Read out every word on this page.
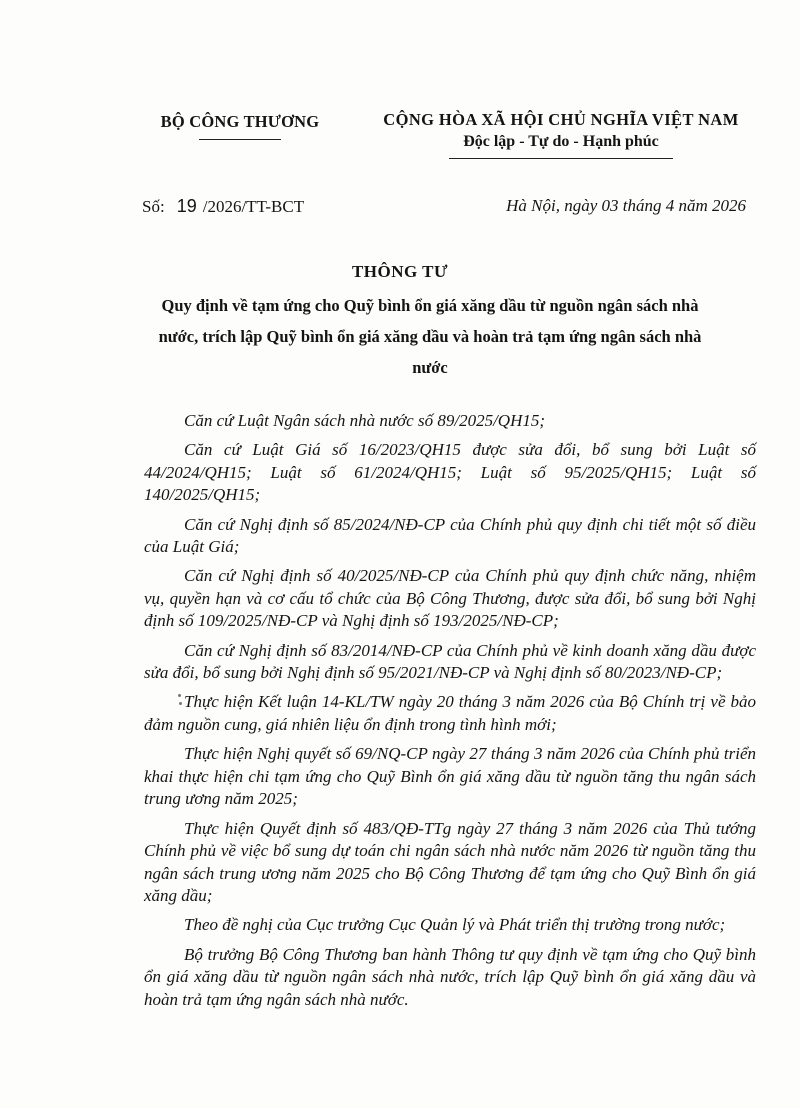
BỘ CÔNG THƯƠNG	CỘNG HÒA XÃ HỘI CHỦ NGHĨA VIỆT NAM
Độc lập - Tự do - Hạnh phúc
Số: 19 /2026/TT-BCT	Hà Nội, ngày 03 tháng 4 năm 2026
THÔNG TƯ
Quy định về tạm ứng cho Quỹ bình ổn giá xăng dầu từ nguồn ngân sách nhà nước, trích lập Quỹ bình ổn giá xăng dầu và hoàn trả tạm ứng ngân sách nhà nước

Căn cứ Luật Ngân sách nhà nước số 89/2025/QH15;

Căn cứ Luật Giá số 16/2023/QH15 được sửa đổi, bổ sung bởi Luật số 44/2024/QH15; Luật số 61/2024/QH15; Luật số 95/2025/QH15; Luật số 140/2025/QH15;

Căn cứ Nghị định số 85/2024/NĐ-CP của Chính phủ quy định chi tiết một số điều của Luật Giá;

Căn cứ Nghị định số 40/2025/NĐ-CP của Chính phủ quy định chức năng, nhiệm vụ, quyền hạn và cơ cấu tổ chức của Bộ Công Thương, được sửa đổi, bổ sung bởi Nghị định số 109/2025/NĐ-CP và Nghị định số 193/2025/NĐ-CP;

Căn cứ Nghị định số 83/2014/NĐ-CP của Chính phủ về kinh doanh xăng dầu được sửa đổi, bổ sung bởi Nghị định số 95/2021/NĐ-CP và Nghị định số 80/2023/NĐ-CP;

Thực hiện Kết luận 14-KL/TW ngày 20 tháng 3 năm 2026 của Bộ Chính trị về bảo đảm nguồn cung, giá nhiên liệu ổn định trong tình hình mới;

Thực hiện Nghị quyết số 69/NQ-CP ngày 27 tháng 3 năm 2026 của Chính phủ triển khai thực hiện chi tạm ứng cho Quỹ Bình ổn giá xăng dầu từ nguồn tăng thu ngân sách trung ương năm 2025;

Thực hiện Quyết định số 483/QĐ-TTg ngày 27 tháng 3 năm 2026 của Thủ tướng Chính phủ về việc bổ sung dự toán chi ngân sách nhà nước năm 2026 từ nguồn tăng thu ngân sách trung ương năm 2025 cho Bộ Công Thương để tạm ứng cho Quỹ Bình ổn giá xăng dầu;

Theo đề nghị của Cục trưởng Cục Quản lý và Phát triển thị trường trong nước;

Bộ trưởng Bộ Công Thương ban hành Thông tư quy định về tạm ứng cho Quỹ bình ổn giá xăng dầu từ nguồn ngân sách nhà nước, trích lập Quỹ bình ổn giá xăng dầu và hoàn trả tạm ứng ngân sách nhà nước.
